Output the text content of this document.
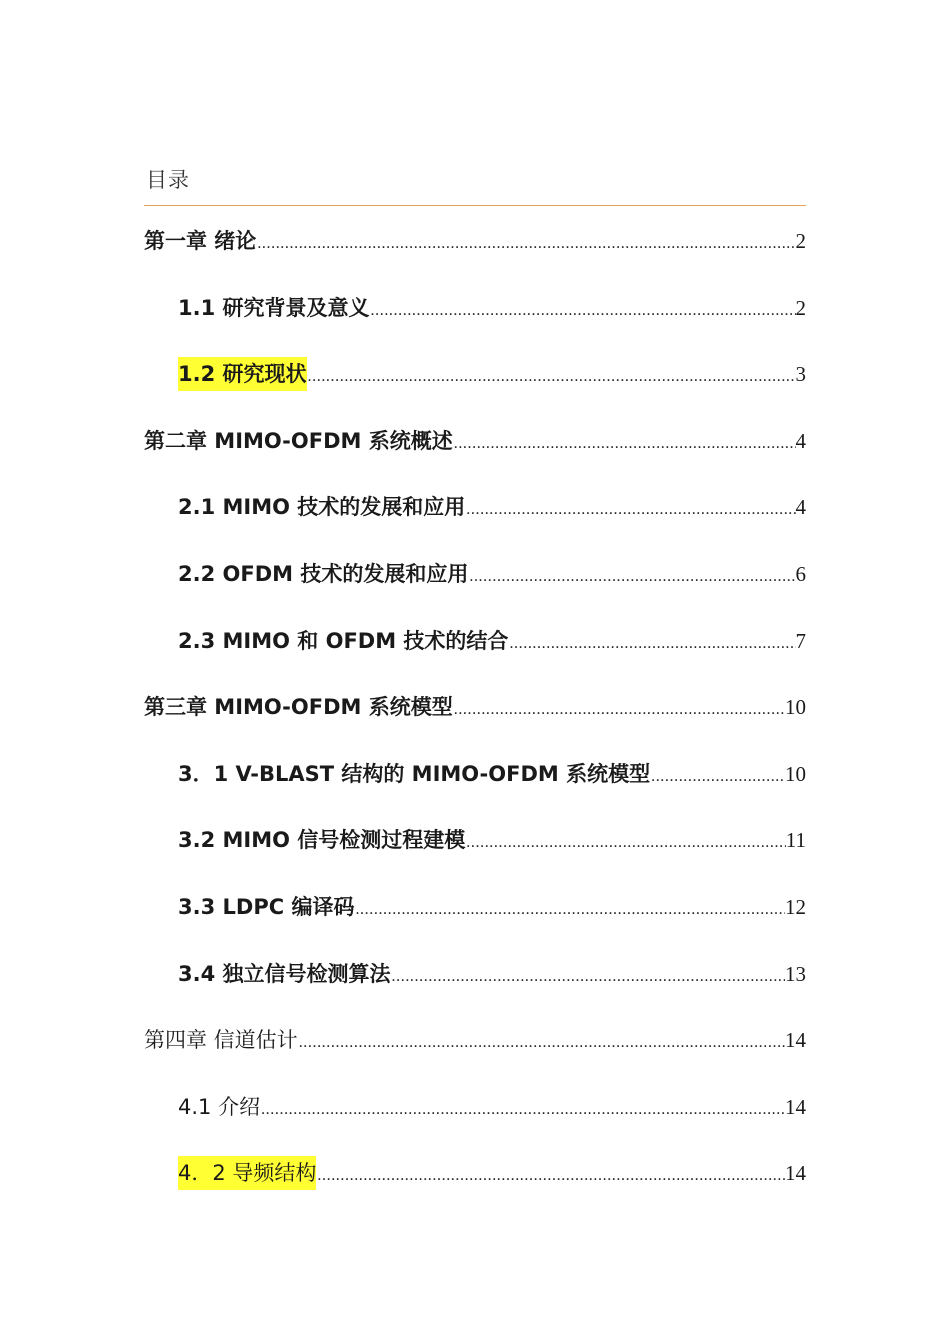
目录
第一章 绪论 .....	2
1.1 研究背景及意义 .....	2
1.2 研究现状 .....	3
第二章 MIMO-OFDM 系统概述 .....	4
2.1 MIMO 技术的发展和应用 .....	4
2.2 OFDM 技术的发展和应用 .....	6
2.3 MIMO 和 OFDM 技术的结合 .....	7
第三章 MIMO-OFDM 系统模型 .....	10
3．1 V-BLAST 结构的 MIMO-OFDM 系统模型 .....	10
3.2 MIMO 信号检测过程建模 .....	11
3.3 LDPC 编译码 .....	12
3.4 独立信号检测算法 .....	13
第四章 信道估计 .....	14
4.1 介绍 .....	14
4．2 导频结构 .....	14
